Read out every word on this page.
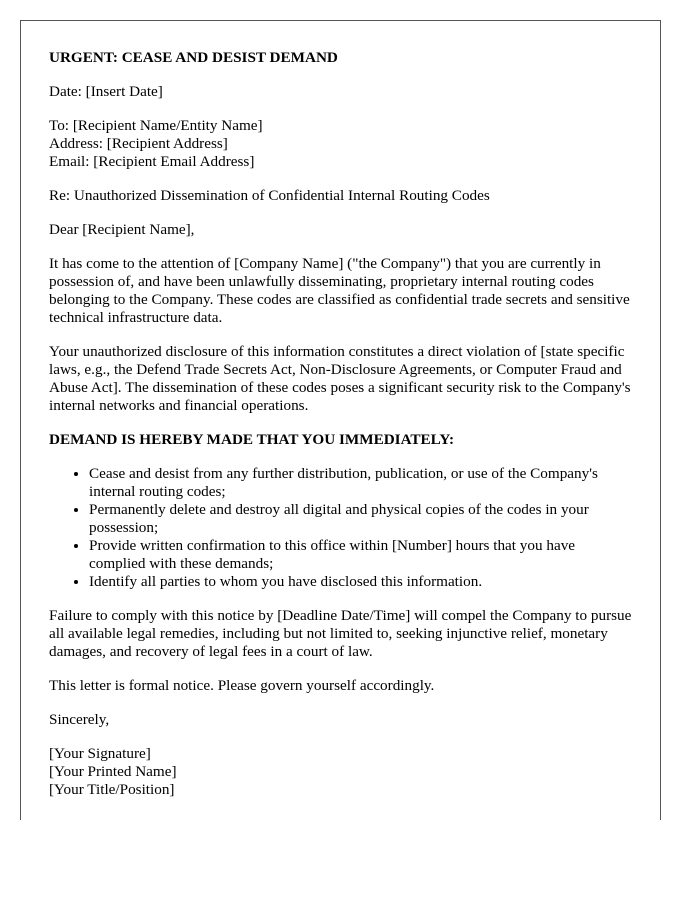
URGENT: CEASE AND DESIST DEMAND

Date: [Insert Date]

To: [Recipient Name/Entity Name]
Address: [Recipient Address]
Email: [Recipient Email Address]

Re: Unauthorized Dissemination of Confidential Internal Routing Codes

Dear [Recipient Name],

It has come to the attention of [Company Name] ("the Company") that you are currently in possession of, and have been unlawfully disseminating, proprietary internal routing codes belonging to the Company. These codes are classified as confidential trade secrets and sensitive technical infrastructure data.

Your unauthorized disclosure of this information constitutes a direct violation of [state specific laws, e.g., the Defend Trade Secrets Act, Non-Disclosure Agreements, or Computer Fraud and Abuse Act]. The dissemination of these codes poses a significant security risk to the Company's internal networks and financial operations.

DEMAND IS HEREBY MADE THAT YOU IMMEDIATELY:
• Cease and desist from any further distribution, publication, or use of the Company's internal routing codes;
• Permanently delete and destroy all digital and physical copies of the codes in your possession;
• Provide written confirmation to this office within [Number] hours that you have complied with these demands;
• Identify all parties to whom you have disclosed this information.

Failure to comply with this notice by [Deadline Date/Time] will compel the Company to pursue all available legal remedies, including but not limited to, seeking injunctive relief, monetary damages, and recovery of legal fees in a court of law.

This letter is formal notice. Please govern yourself accordingly.

Sincerely,

[Your Signature]
[Your Printed Name]
[Your Title/Position]
